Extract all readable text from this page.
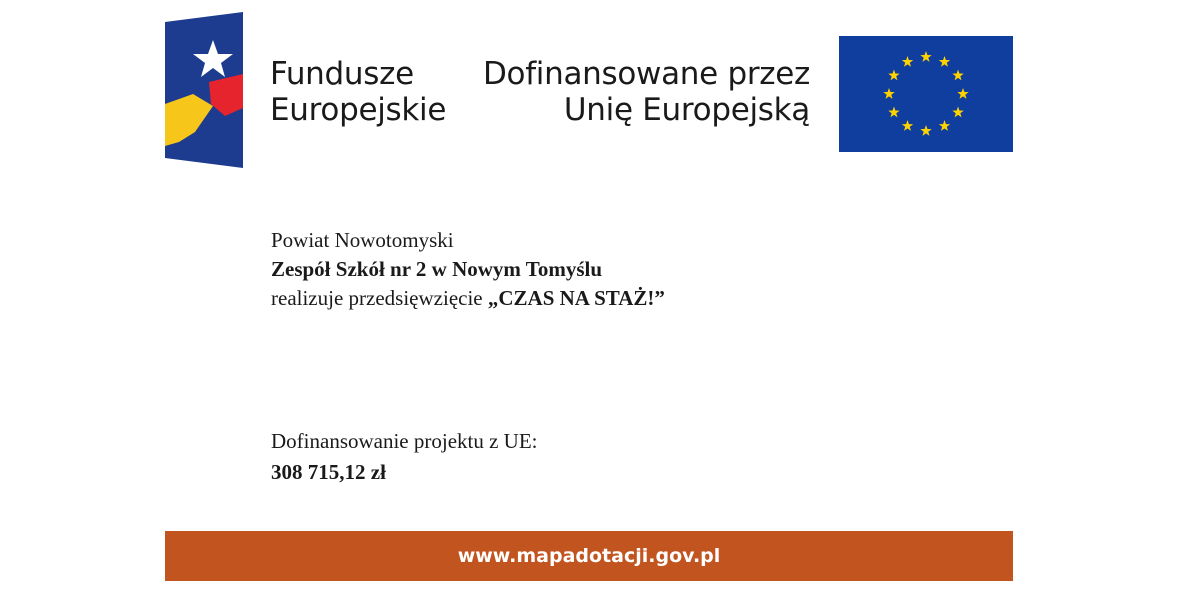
Fundusze
Europejskie
Dofinansowane przez
Unię Europejską
Powiat Nowotomyski
Zespół Szkół nr 2 w Nowym Tomyślu
realizuje przedsięwzięcie „CZAS NA STAŻ!”
Dofinansowanie projektu z UE:
308 715,12 zł
www.mapadotacji.gov.pl
